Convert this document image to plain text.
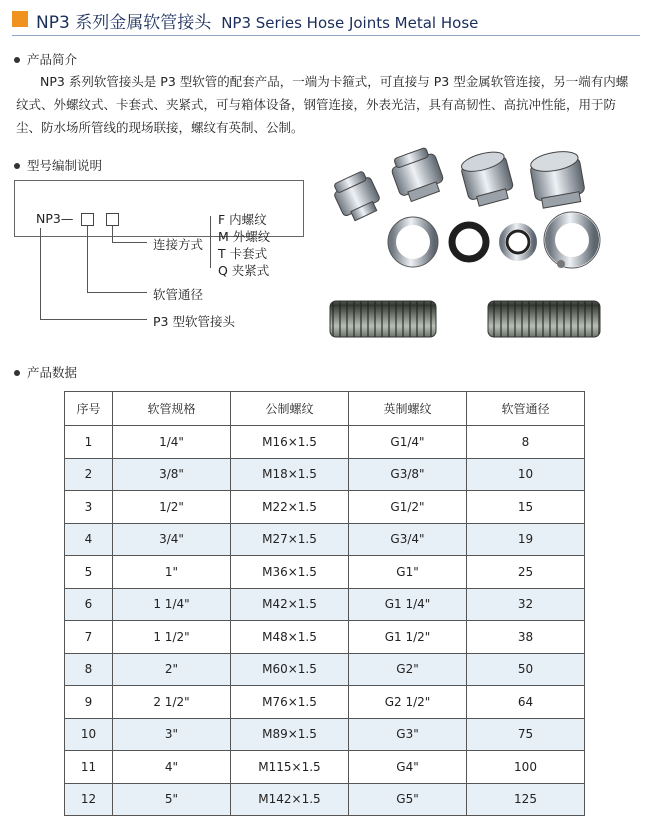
NP3 系列金属软管接头 NP3 Series Hose Joints Metal Hose
产品简介
NP3 系列软管接头是 P3 型软管的配套产品，一端为卡箍式，可直接与 P3 型金属软管连接，另一端有内螺纹式、外螺纹式、卡套式、夹紧式，可与箱体设备，钢管连接，外表光洁，具有高韧性、高抗冲性能，用于防尘、防水场所管线的现场联接，螺纹有英制、公制。
型号编制说明
NP3—
连接方式
F 内螺纹
M 外螺纹
T 卡套式
Q 夹紧式
软管通径
P3 型软管接头
产品数据
序号	软管规格	公制螺纹	英制螺纹	软管通径
1	1/4"	M16×1.5	G1/4"	8
2	3/8"	M18×1.5	G3/8"	10
3	1/2"	M22×1.5	G1/2"	15
4	3/4"	M27×1.5	G3/4"	19
5	1"	M36×1.5	G1"	25
6	1 1/4"	M42×1.5	G1 1/4"	32
7	1 1/2"	M48×1.5	G1 1/2"	38
8	2"	M60×1.5	G2"	50
9	2 1/2"	M76×1.5	G2 1/2"	64
10	3"	M89×1.5	G3"	75
11	4"	M115×1.5	G4"	100
12	5"	M142×1.5	G5"	125
